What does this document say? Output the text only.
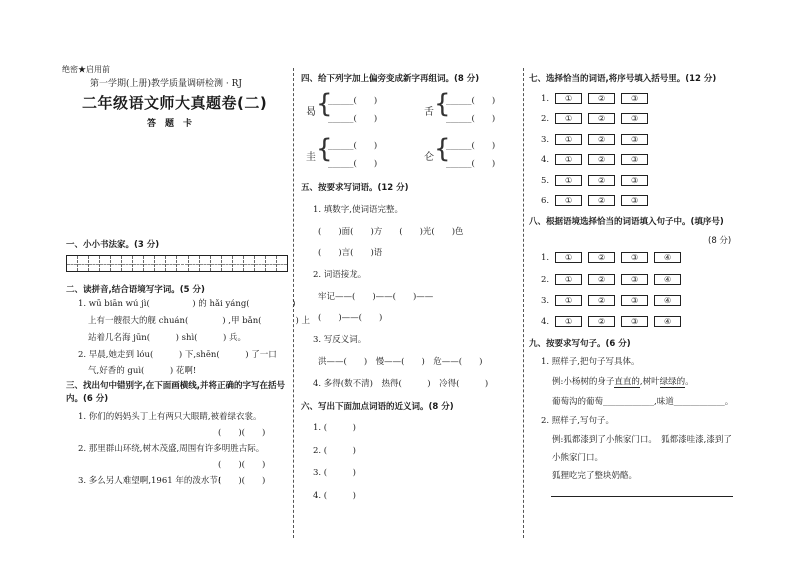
绝密★启用前
第一学期(上册)教学质量调研检测 · RJ
二年级语文师大真题卷(二)
答　题　卡
一、小小书法家。(3 分)
二、读拼音,结合语境写字词。(5 分)
1. wū biān wú jì(　　　　　) 的 hǎi yáng(　　　　　)
上有一艘很大的舰 chuán(　　　　) ,甲 bǎn(　　　　) 上
站着几名海 jūn(　　　) shì(　　　) 兵。
2. 早晨,她走到 lóu(　　　) 下,shēn(　　　) 了一口
气,好香的 guì(　　　) 花啊!
三、找出句中错别字,在下面画横线,并将正确的字写在括号
内。(6 分)
1. 你们的妈妈头丁上有两只大眼睛,被着绿衣裳。
(　　)(　　)
2. 那里群山环绕,树木茂盛,周围有许多明胜古际。
(　　)(　　)
3. 多么另人难望啊,1961 年的泼水节!
(　　)(　　)
四、给下列字加上偏旁变成新字再组词。(8 分)
曷 {
______(　　)
______(　　)
舌 {
______(　　)
______(　　)
圭 {
______(　　)
______(　　)
仑 {
______(　　)
______(　　)
五、按要求写词语。(12 分)
1. 填数字,使词语完整。
(　　)面(　　)方　　(　　)光(　　)色
(　　)言(　　)语
2. 词语接龙。
牢记——(　　)——(　　)——
(　　)——(　　)
3. 写反义词。
洪——(　　)　慢——(　　)　危——(　　)
4. 多得(数不清)　热得(　　　)　冷得(　　　)
六、写出下面加点词语的近义词。(8 分)
1. (　　　)
2. (　　　)
3. (　　　)
4. (　　　)
七、选择恰当的词语,将序号填入括号里。(12 分)
1. ①	②	③
2. ①	②	③
3. ①	②	③
4. ①	②	③
5. ①	②	③
6. ①	②	③
八、根据语境选择恰当的词语填入句子中。(填序号)
(8 分)
1. ①	②	③	④
2. ①	②	③	④
3. ①	②	③	④
4. ①	②	③	④
九、按要求写句子。(6 分)
1. 照样子,把句子写具体。
例:小杨树的身子直直的,树叶绿绿的。
葡萄沟的葡萄____________,味道____________。
2. 照样子,写句子。
例:狐都漆到了小熊家门口。　狐都漆哇漆,漆到了
小熊家门口。
狐狸吃完了整块奶酪。
